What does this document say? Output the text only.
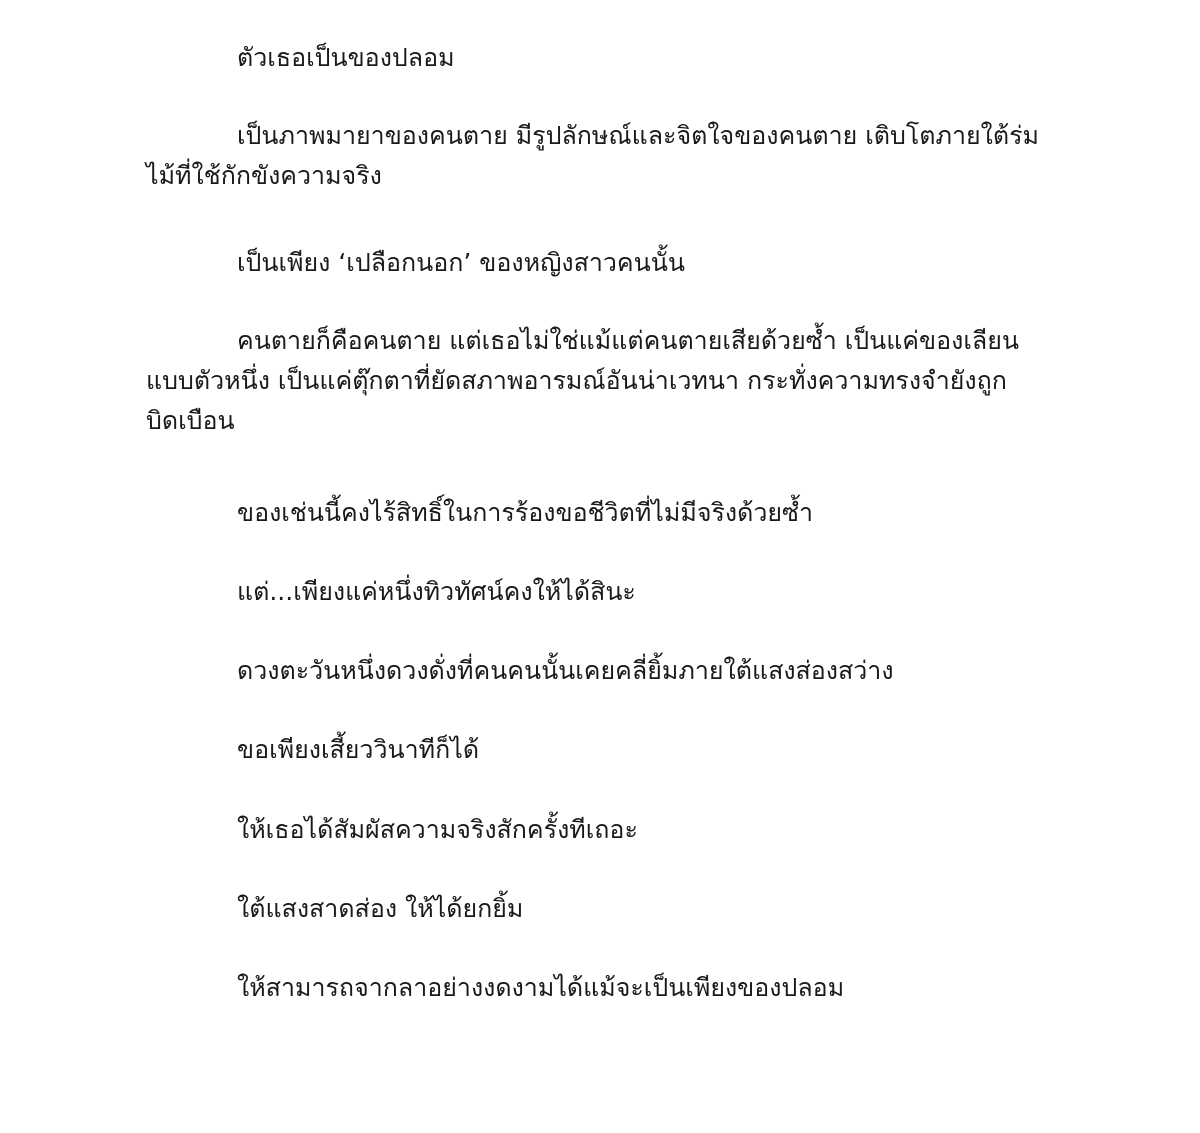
ตัวเธอเป็นของปลอม

เป็นภาพมายาของคนตาย มีรูปลักษณ์และจิตใจของคนตาย เติบโตภายใต้ร่ม
ไม้ที่ใช้กักขังความจริง

เป็นเพียง ‘เปลือกนอก’ ของหญิงสาวคนนั้น

คนตายก็คือคนตาย แต่เธอไม่ใช่แม้แต่คนตายเสียด้วยซ้ำ เป็นแค่ของเลียน
แบบตัวหนึ่ง เป็นแค่ตุ๊กตาที่ยัดสภาพอารมณ์อันน่าเวทนา กระทั่งความทรงจำยังถูก
บิดเบือน

ของเช่นนี้คงไร้สิทธิ์ในการร้องขอชีวิตที่ไม่มีจริงด้วยซ้ำ

แต่...เพียงแค่หนึ่งทิวทัศน์คงให้ได้สินะ

ดวงตะวันหนึ่งดวงดั่งที่คนคนนั้นเคยคลี่ยิ้มภายใต้แสงส่องสว่าง

ขอเพียงเสี้ยววินาทีก็ได้

ให้เธอได้สัมผัสความจริงสักครั้งทีเถอะ

ใต้แสงสาดส่อง ให้ได้ยกยิ้ม

ให้สามารถจากลาอย่างงดงามได้แม้จะเป็นเพียงของปลอม
